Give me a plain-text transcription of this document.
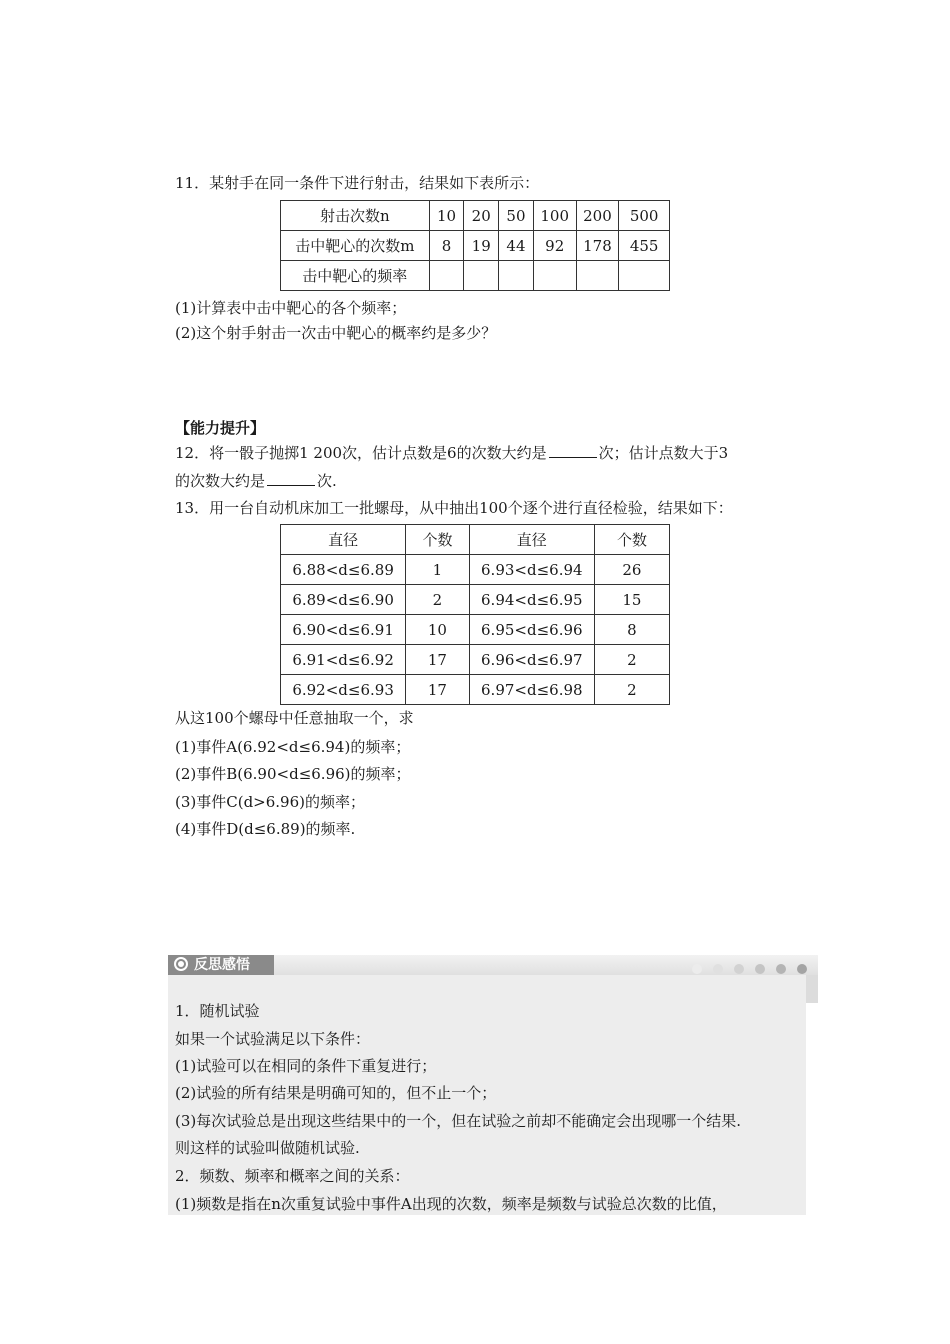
11．某射手在同一条件下进行射击，结果如下表所示：
射击次数n	10	20	50	100	200	500
击中靶心的次数m	8	19	44	92	178	455
击中靶心的频率						
(1)计算表中击中靶心的各个频率；
(2)这个射手射击一次击中靶心的概率约是多少？
【能力提升】
12．将一骰子抛掷1 200次，估计点数是6的次数大约是	次；估计点数大于3
的次数大约是	次.
13．用一台自动机床加工一批螺母，从中抽出100个逐个进行直径检验，结果如下：
直径	个数	直径	个数
6.88<d≤6.89	1	6.93<d≤6.94	26
6.89<d≤6.90	2	6.94<d≤6.95	15
6.90<d≤6.91	10	6.95<d≤6.96	8
6.91<d≤6.92	17	6.96<d≤6.97	2
6.92<d≤6.93	17	6.97<d≤6.98	2
从这100个螺母中任意抽取一个，求
(1)事件A(6.92<d≤6.94)的频率；
(2)事件B(6.90<d≤6.96)的频率；
(3)事件C(d>6.96)的频率；
(4)事件D(d≤6.89)的频率.
反思感悟
1．随机试验
如果一个试验满足以下条件：
(1)试验可以在相同的条件下重复进行；
(2)试验的所有结果是明确可知的，但不止一个；
(3)每次试验总是出现这些结果中的一个，但在试验之前却不能确定会出现哪一个结果.
则这样的试验叫做随机试验.
2．频数、频率和概率之间的关系：
(1)频数是指在n次重复试验中事件A出现的次数，频率是频数与试验总次数的比值，
